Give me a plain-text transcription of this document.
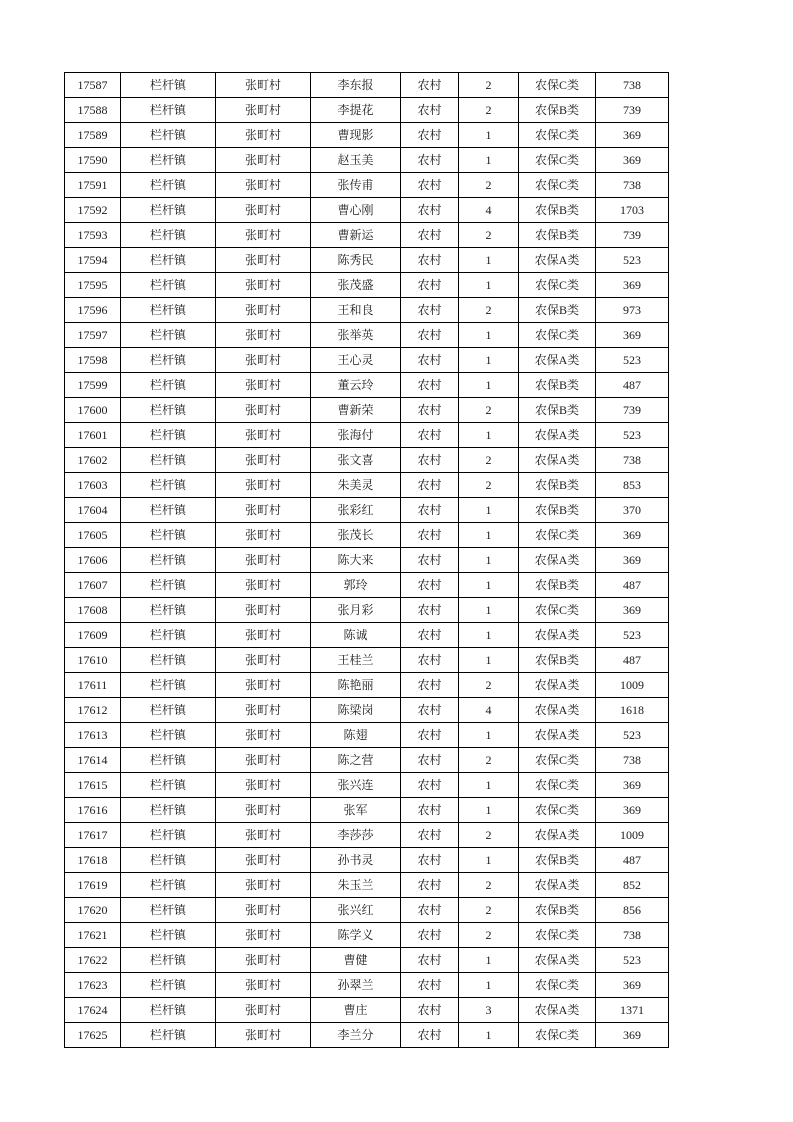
17587	栏杆镇	张町村	李东报	农村	2	农保C类	738
17588	栏杆镇	张町村	李提花	农村	2	农保B类	739
17589	栏杆镇	张町村	曹现影	农村	1	农保C类	369
17590	栏杆镇	张町村	赵玉美	农村	1	农保C类	369
17591	栏杆镇	张町村	张传甫	农村	2	农保C类	738
17592	栏杆镇	张町村	曹心刚	农村	4	农保B类	1703
17593	栏杆镇	张町村	曹新运	农村	2	农保B类	739
17594	栏杆镇	张町村	陈秀民	农村	1	农保A类	523
17595	栏杆镇	张町村	张茂盛	农村	1	农保C类	369
17596	栏杆镇	张町村	王和良	农村	2	农保B类	973
17597	栏杆镇	张町村	张举英	农村	1	农保C类	369
17598	栏杆镇	张町村	王心灵	农村	1	农保A类	523
17599	栏杆镇	张町村	董云玲	农村	1	农保B类	487
17600	栏杆镇	张町村	曹新荣	农村	2	农保B类	739
17601	栏杆镇	张町村	张海付	农村	1	农保A类	523
17602	栏杆镇	张町村	张文喜	农村	2	农保A类	738
17603	栏杆镇	张町村	朱美灵	农村	2	农保B类	853
17604	栏杆镇	张町村	张彩红	农村	1	农保B类	370
17605	栏杆镇	张町村	张茂长	农村	1	农保C类	369
17606	栏杆镇	张町村	陈大来	农村	1	农保A类	369
17607	栏杆镇	张町村	郭玲	农村	1	农保B类	487
17608	栏杆镇	张町村	张月彩	农村	1	农保C类	369
17609	栏杆镇	张町村	陈诚	农村	1	农保A类	523
17610	栏杆镇	张町村	王桂兰	农村	1	农保B类	487
17611	栏杆镇	张町村	陈艳丽	农村	2	农保A类	1009
17612	栏杆镇	张町村	陈梁岗	农村	4	农保A类	1618
17613	栏杆镇	张町村	陈翅	农村	1	农保A类	523
17614	栏杆镇	张町村	陈之营	农村	2	农保C类	738
17615	栏杆镇	张町村	张兴连	农村	1	农保C类	369
17616	栏杆镇	张町村	张军	农村	1	农保C类	369
17617	栏杆镇	张町村	李莎莎	农村	2	农保A类	1009
17618	栏杆镇	张町村	孙书灵	农村	1	农保B类	487
17619	栏杆镇	张町村	朱玉兰	农村	2	农保A类	852
17620	栏杆镇	张町村	张兴红	农村	2	农保B类	856
17621	栏杆镇	张町村	陈学义	农村	2	农保C类	738
17622	栏杆镇	张町村	曹健	农村	1	农保A类	523
17623	栏杆镇	张町村	孙翠兰	农村	1	农保C类	369
17624	栏杆镇	张町村	曹庄	农村	3	农保A类	1371
17625	栏杆镇	张町村	李兰分	农村	1	农保C类	369
